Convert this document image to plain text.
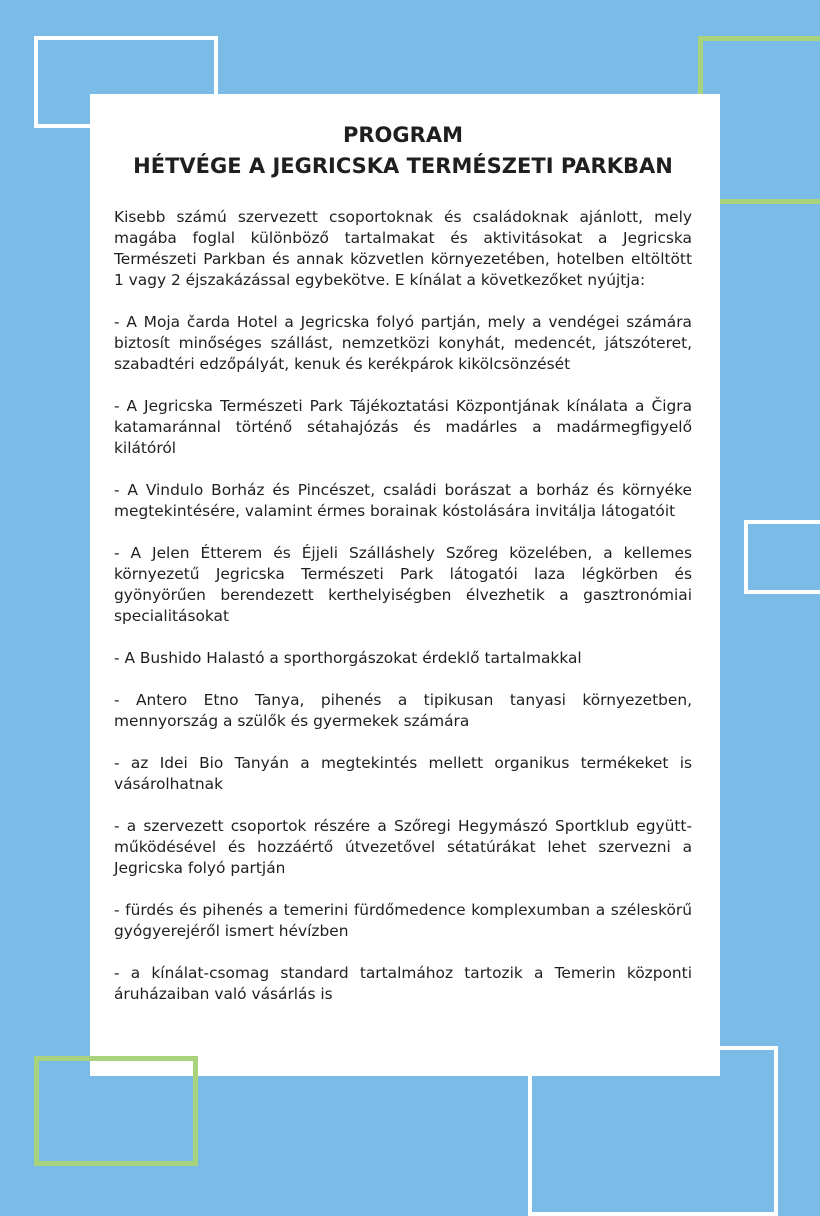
PROGRAM
HÉTVÉGE A JEGRICSKA TERMÉSZETI PARKBAN

Kisebb számú szervezett csoportoknak és családoknak ajánlott, mely magába foglal különböző tartalmakat és aktivitásokat a Jegricska Természeti Parkban és annak közvetlen környezetében, hotelben eltöltött 1 vagy 2 éjszakázással egybekötve. E kínálat a következőket nyújtja:

- A Moja čarda Hotel a Jegricska folyó partján, mely a vendégei számára biztosít minőséges szállást, nemzetközi konyhát, medencét, játszóteret, szabadtéri edzőpályát, kenuk és kerékpárok kikölcsönzését

- A Jegricska Természeti Park Tájékoztatási Központjának kínálata a Čigra katamaránnal történő sétahajózás és madárles a madármegfigyelő kilátóról

- A Vindulo Borház és Pincészet, családi borászat a borház és környéke megtekintésére, valamint érmes borainak kóstolására invitálja látogatóit

- A Jelen Étterem és Éjjeli Szálláshely Szőreg közelében, a kellemes környezetű Jegricska Természeti Park látogatói laza légkörben és gyönyörűen berendezett kerthelyiségben élvezhetik a gasztronómiai specialitásokat

- A Bushido Halastó a sporthorgászokat érdeklő tartalmakkal

- Antero Etno Tanya, pihenés a tipikusan tanyasi környezetben, mennyország a szülők és gyermekek számára

- az Idei Bio Tanyán a megtekintés mellett organikus termékeket is vásárolhatnak

- a szervezett csoportok részére a Szőregi Hegymászó Sportklub együtt-működésével és hozzáértő útvezetővel sétatúrákat lehet szervezni a Jegricska folyó partján

- fürdés és pihenés a temerini fürdőmedence komplexumban a széleskörű gyógyerejéről ismert hévízben

- a kínálat-csomag standard tartalmához tartozik a Temerin központi áruházaiban való vásárlás is
